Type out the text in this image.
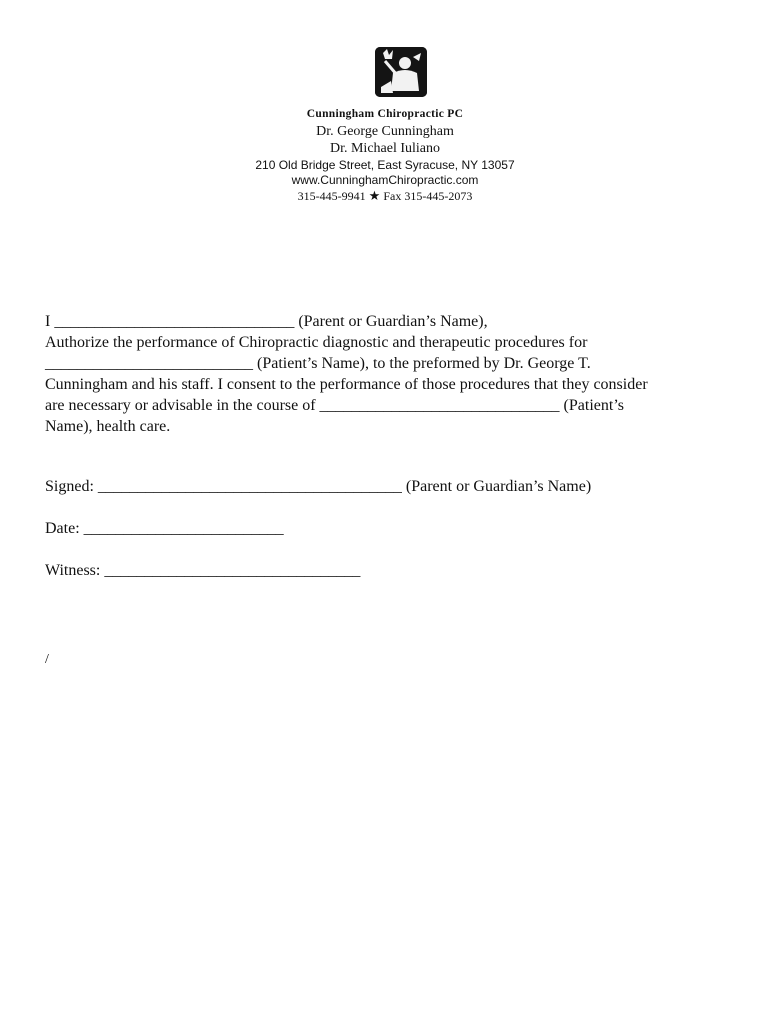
Cunningham Chiropractic PC
Dr. George Cunningham
Dr. Michael Iuliano
210 Old Bridge Street, East Syracuse, NY 13057
www.CunninghamChiropractic.com
315-445-9941 ★ Fax 315-445-2073
I ______________________________ (Parent or Guardian’s Name),
Authorize the performance of Chiropractic diagnostic and therapeutic procedures for
__________________________ (Patient’s Name), to the preformed by Dr. George T.
Cunningham and his staff. I consent to the performance of those procedures that they consider
are necessary or advisable in the course of ______________________________ (Patient’s
Name), health care.
Signed: ______________________________________ (Parent or Guardian’s Name)
Date: _________________________
Witness: ________________________________
/
